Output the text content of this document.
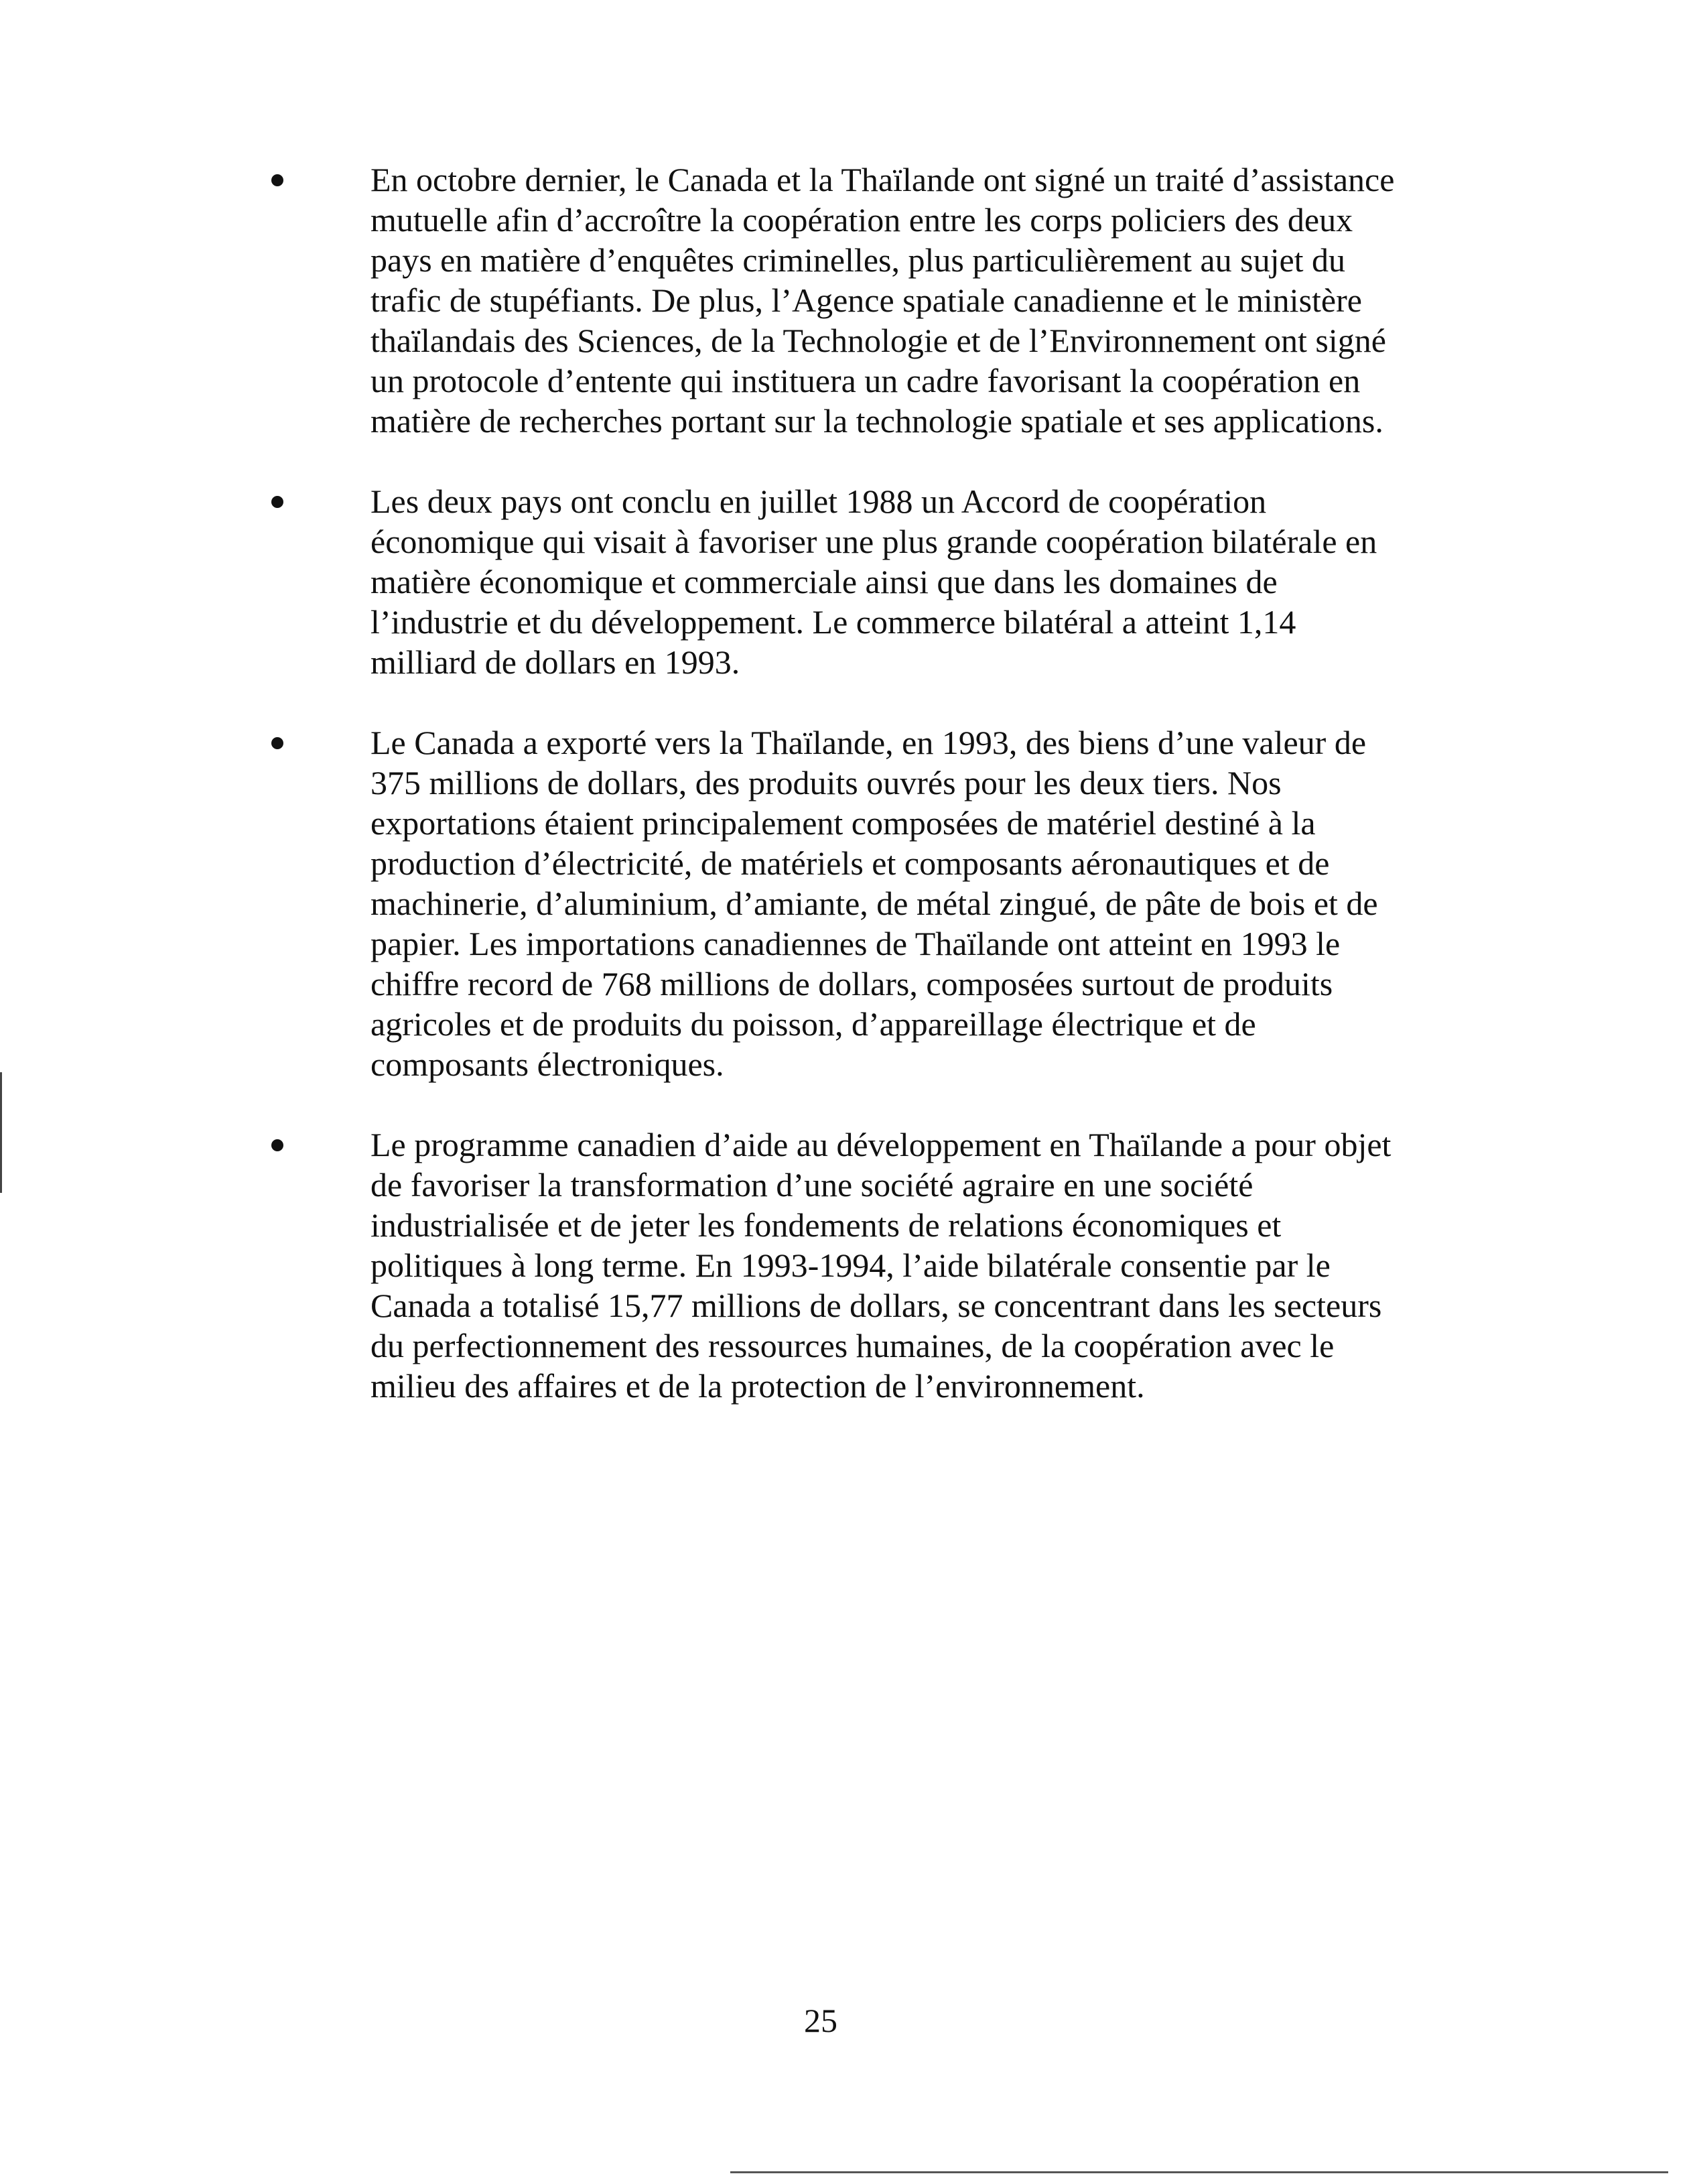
En octobre dernier, le Canada et la Thaïlande ont signé un traité d’assistance mutuelle afin d’accroître la coopération entre les corps policiers des deux pays en matière d’enquêtes criminelles, plus particulièrement au sujet du trafic de stupéfiants. De plus, l’Agence spatiale canadienne et le ministère thaïlandais des Sciences, de la Technologie et de l’Environnement ont signé un protocole d’entente qui instituera un cadre favorisant la coopération en matière de recherches portant sur la technologie spatiale et ses applications.
Les deux pays ont conclu en juillet 1988 un Accord de coopération économique qui visait à favoriser une plus grande coopération bilatérale en matière économique et commerciale ainsi que dans les domaines de l’industrie et du développement. Le commerce bilatéral a atteint 1,14 milliard de dollars en 1993.
Le Canada a exporté vers la Thaïlande, en 1993, des biens d’une valeur de 375 millions de dollars, des produits ouvrés pour les deux tiers. Nos exportations étaient principalement composées de matériel destiné à la production d’électricité, de matériels et composants aéronautiques et de machinerie, d’aluminium, d’amiante, de métal zingué, de pâte de bois et de papier. Les importations canadiennes de Thaïlande ont atteint en 1993 le chiffre record de 768 millions de dollars, composées surtout de produits agricoles et de produits du poisson, d’appareillage électrique et de composants électroniques.
Le programme canadien d’aide au développement en Thaïlande a pour objet de favoriser la transformation d’une société agraire en une société industrialisée et de jeter les fondements de relations économiques et politiques à long terme. En 1993-1994, l’aide bilatérale consentie par le Canada a totalisé 15,77 millions de dollars, se concentrant dans les secteurs du perfectionnement des ressources humaines, de la coopération avec le milieu des affaires et de la protection de l’environnement.
25
